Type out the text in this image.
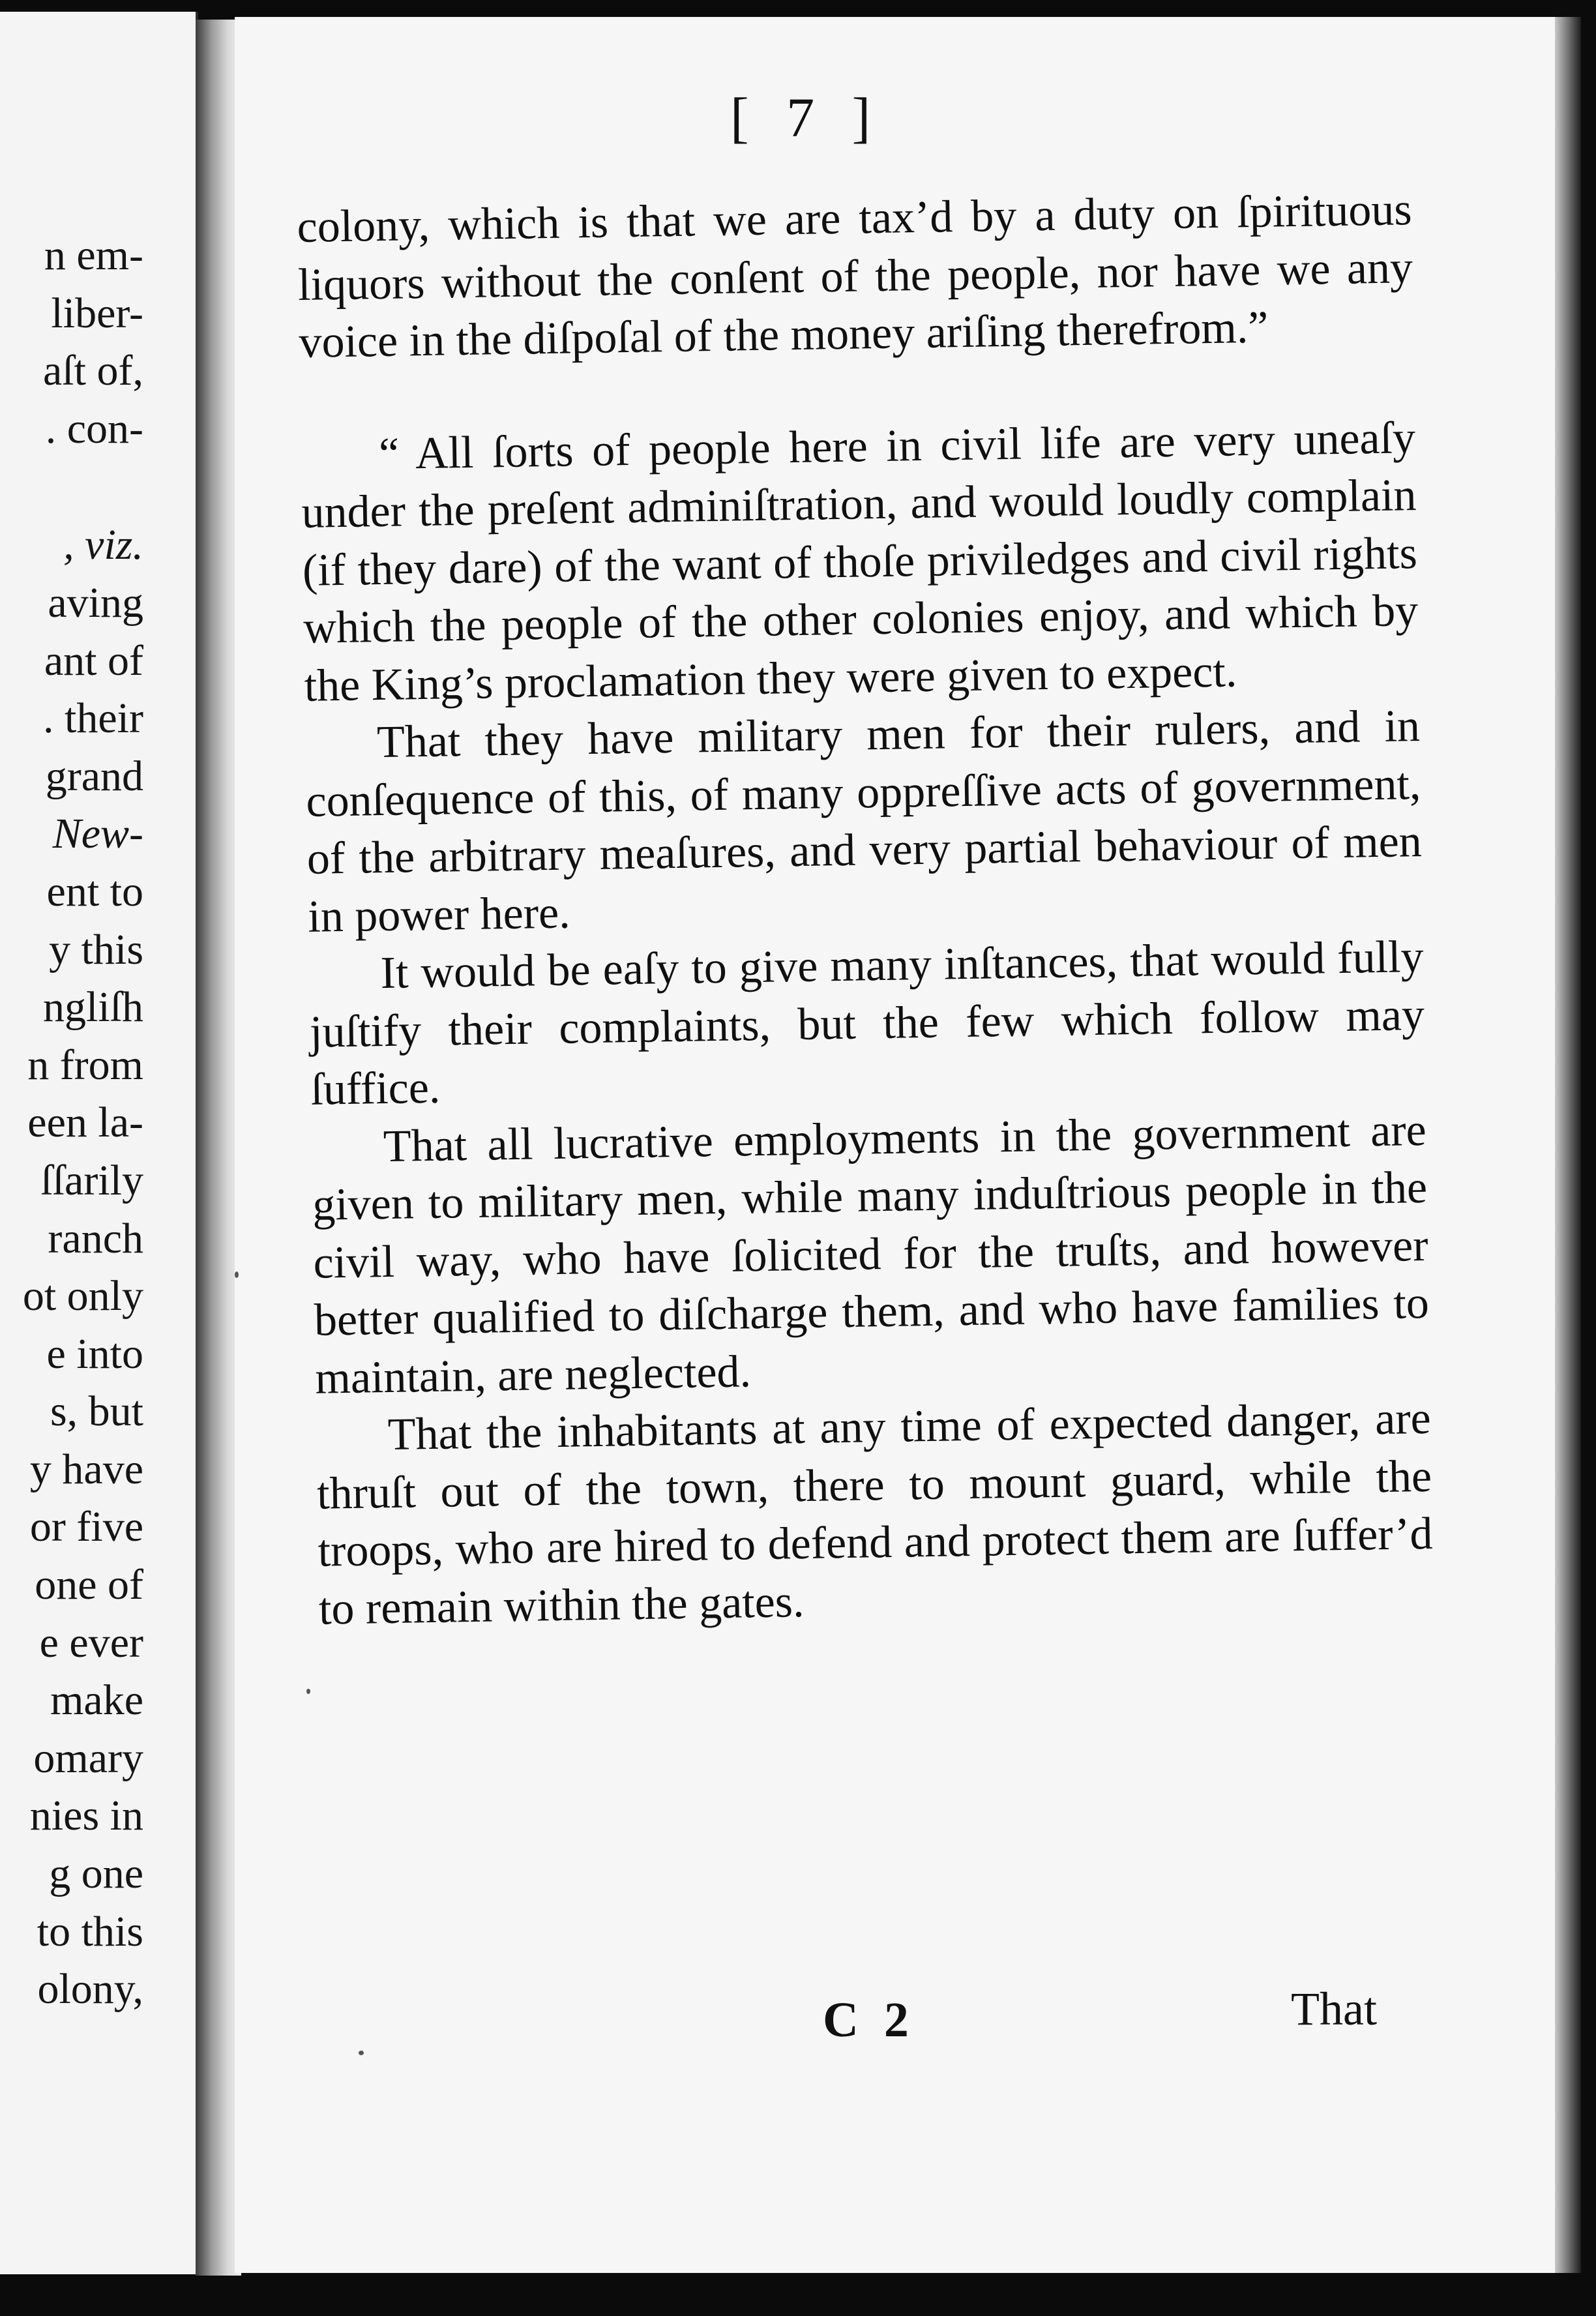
n em-
liber-
aſt of,
. con-

, viz.
aving
ant of
. their
grand
New-
ent to
y this
ngliſh
n from
een la-
ſſarily
ranch
ot only
e into
s, but
y have
or five
one of
e ever
make
omary
nies in
g one
to this
olony,
[ 7 ]

colony, which is that we are tax’d by a duty on ſpirituous liquors without the conſent of the people, nor have we any voice in the diſpoſal of the money ariſing therefrom.”

“ All ſorts of people here in civil life are very uneaſy under the preſent adminiſtration, and would loudly complain (if they dare) of the want of thoſe priviledges and civil rights which the people of the other colonies enjoy, and which by the King’s proclamation they were given to expect.

That they have military men for their rulers, and in conſequence of this, of many oppreſſive acts of government, of the arbitrary meaſures, and very partial behaviour of men in power here.

It would be eaſy to give many inſtances, that would fully juſtify their complaints, but the few which follow may ſuffice.

That all lucrative employments in the government are given to military men, while many induſtrious people in the civil way, who have ſolicited for the truſts, and however better qualified to diſcharge them, and who have families to maintain, are neglected.

That the inhabitants at any time of expected danger, are thruſt out of the town, there to mount guard, while the troops, who are hired to defend and protect them are ſuffer’d to remain within the gates.

C 2	That
